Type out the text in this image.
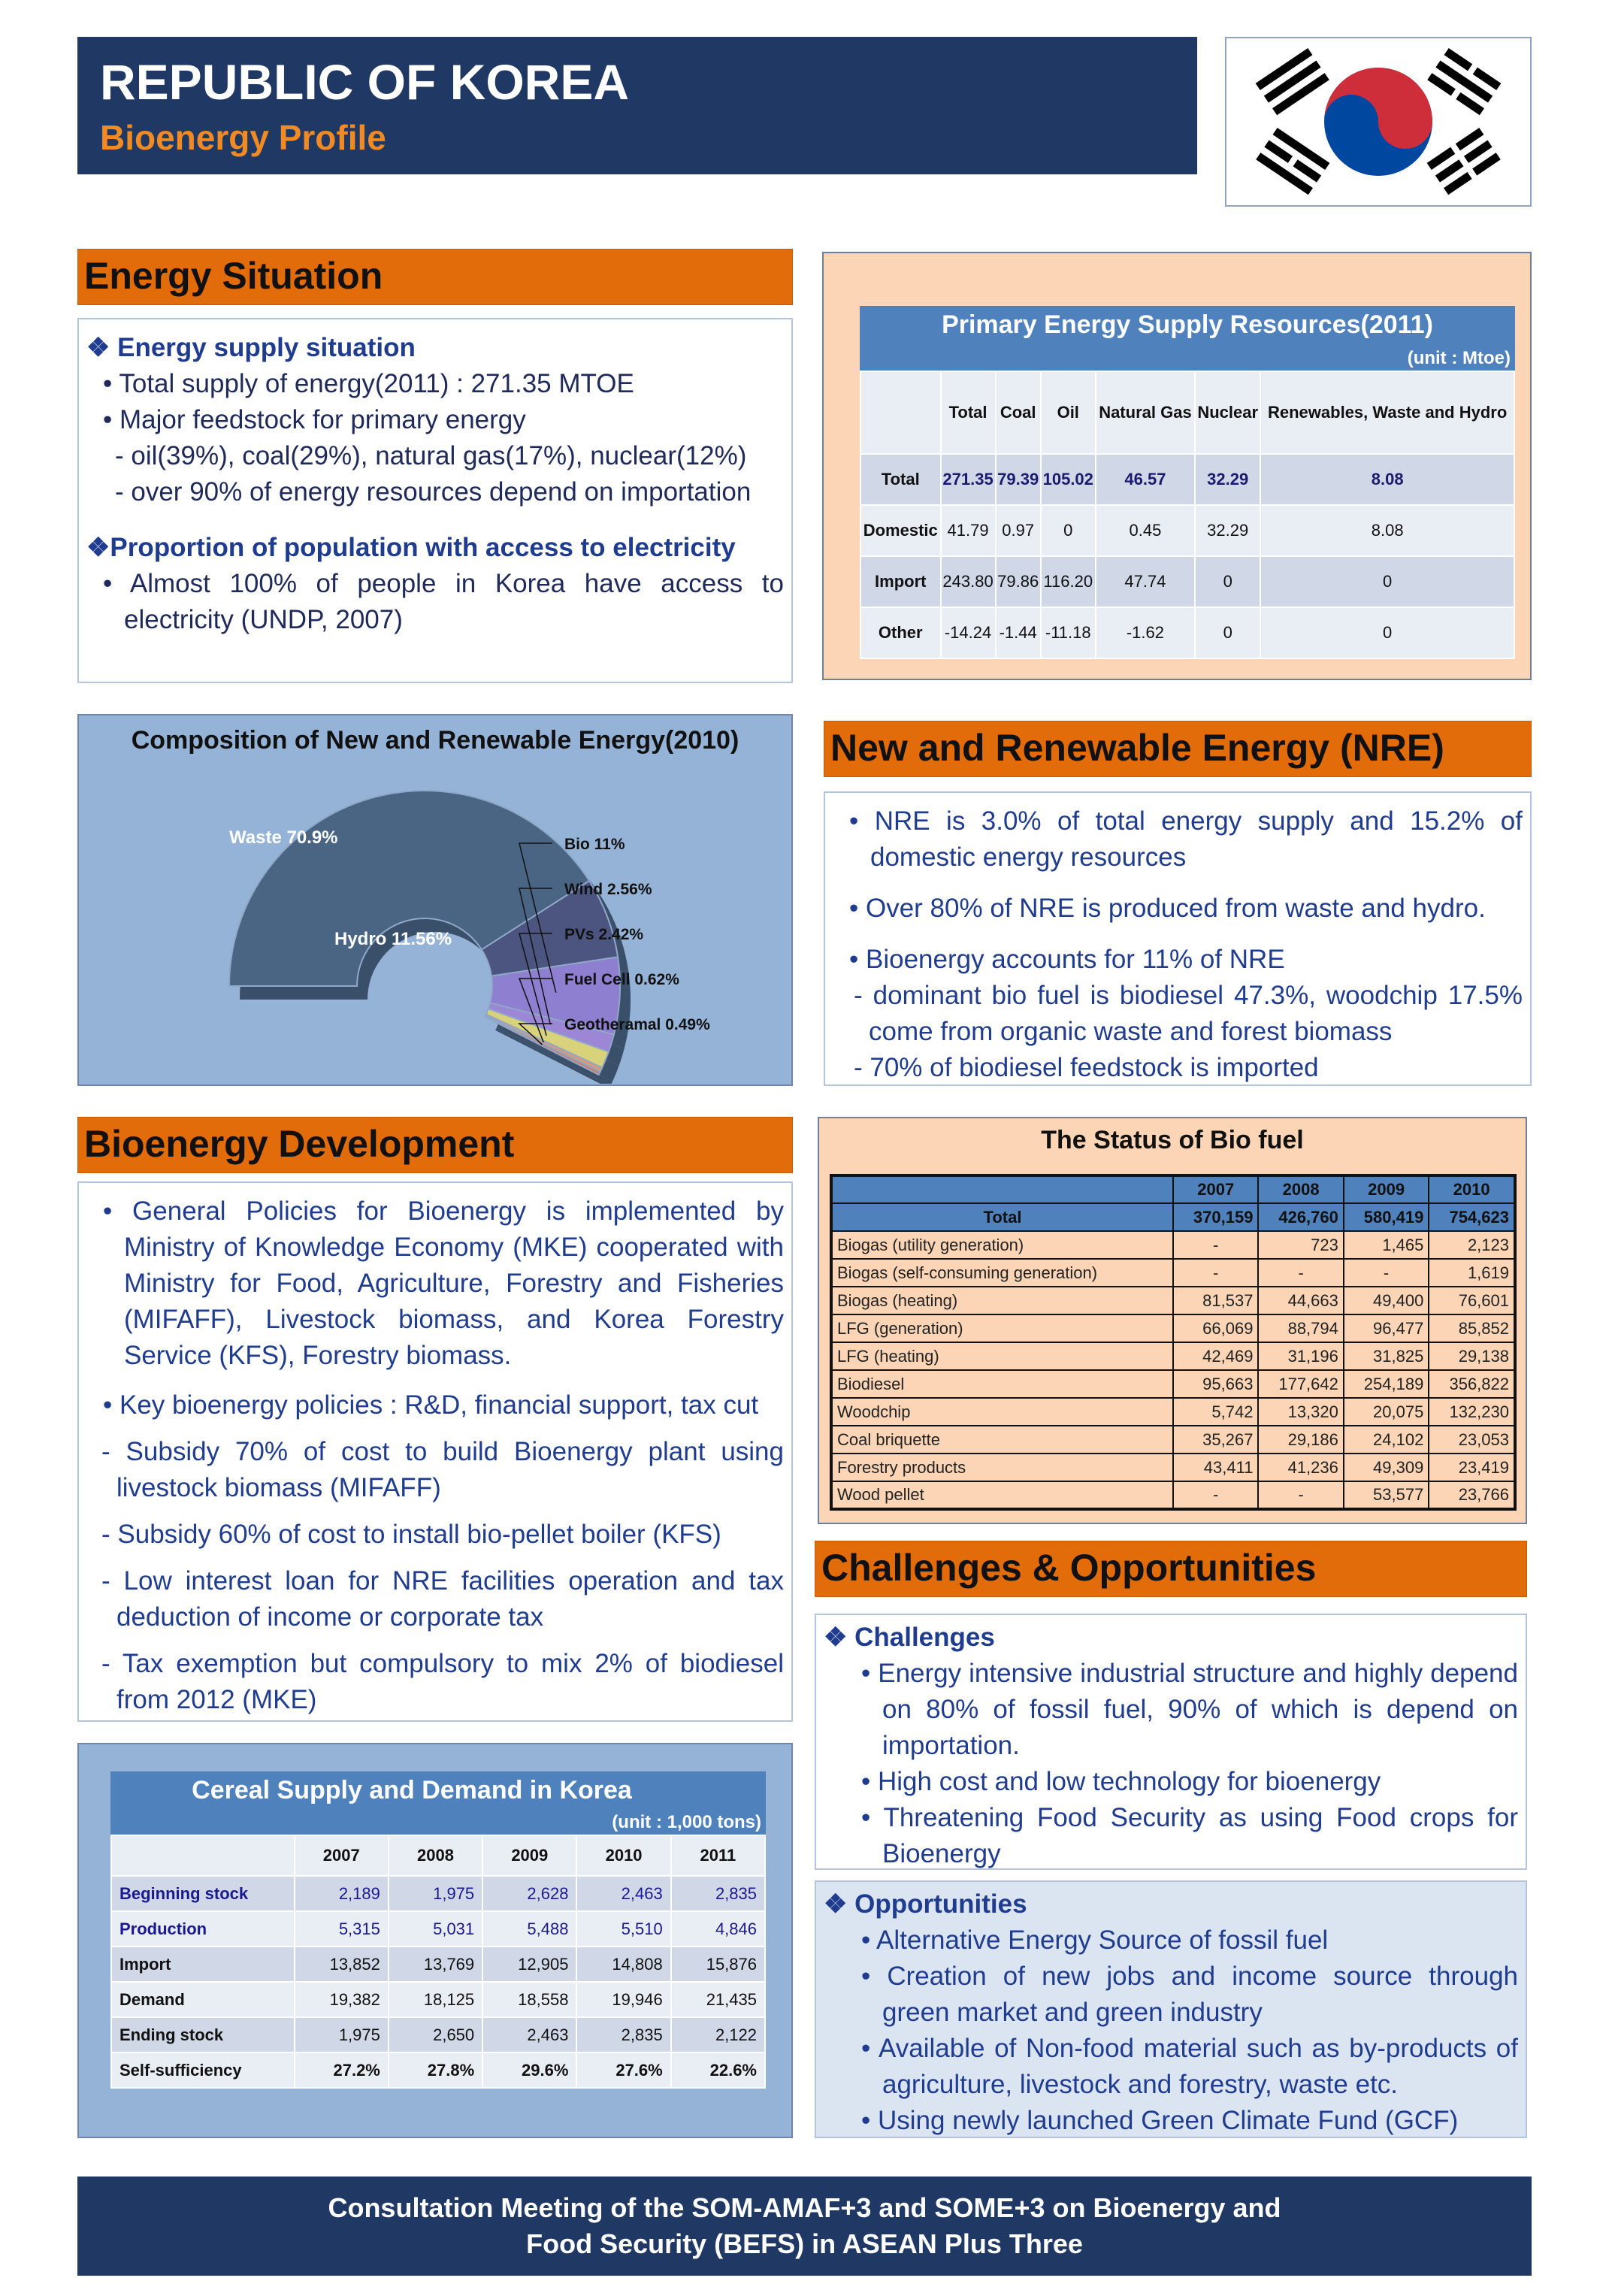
REPUBLIC OF KOREA
Bioenergy Profile
Energy Situation
❖ Energy supply situation
• Total supply of energy(2011) : 271.35 MTOE
• Major feedstock for primary energy
- oil(39%), coal(29%), natural gas(17%), nuclear(12%)
- over 90% of energy resources depend on importation
❖Proportion of population with access to electricity

• Almost 100% of people in Korea have access to electricity (UNDP, 2007)

Primary Energy Supply Resources(2011)
(unit : Mtoe)
	Total	Coal	Oil	Natural Gas	Nuclear	Renewables, Waste and Hydro
Total	271.35	79.39	105.02	46.57	32.29	8.08
Domestic	41.79	0.97	0	0.45	32.29	8.08
Import	243.80	79.86	116.20	47.74	0	0
Other	-14.24	-1.44	-11.18	-1.62	0	0
Composition of New and Renewable Energy(2010)
Waste 70.9%
Hydro 11.56%
Bio 11%
Wind 2.56%
PVs 2.42%
Fuel Cell 0.62%
Geotheramal 0.49%
New and Renewable Energy (NRE)

• NRE is 3.0% of total energy supply and 15.2% of domestic energy resources

• Over 80% of NRE is produced from waste and hydro.

• Bioenergy accounts for 11% of NRE

- dominant bio fuel is biodiesel 47.3%, woodchip 17.5% come from organic waste and forest biomass

- 70% of biodiesel feedstock is imported

Bioenergy Development

• General Policies for Bioenergy is implemented by Ministry of Knowledge Economy (MKE) cooperated with Ministry for Food, Agriculture, Forestry and Fisheries (MIFAFF), Livestock biomass, and Korea Forestry Service (KFS), Forestry biomass.

• Key bioenergy policies : R&D, financial support, tax cut

- Subsidy 70% of cost to build Bioenergy plant using livestock biomass (MIFAFF)

- Subsidy 60% of cost to install bio-pellet boiler (KFS)

- Low interest loan for NRE facilities operation and tax deduction of income or corporate tax

- Tax exemption but compulsory to mix 2% of biodiesel from 2012 (MKE)

The Status of Bio fuel
	2007	2008	2009	2010
Total	370,159	426,760	580,419	754,623
Biogas (utility generation)	-	723	1,465	2,123
Biogas (self-consuming generation)	-	-	-	1,619
Biogas (heating)	81,537	44,663	49,400	76,601
LFG (generation)	66,069	88,794	96,477	85,852
LFG (heating)	42,469	31,196	31,825	29,138
Biodiesel	95,663	177,642	254,189	356,822
Woodchip	5,742	13,320	20,075	132,230
Coal briquette	35,267	29,186	24,102	23,053
Forestry products	43,411	41,236	49,309	23,419
Wood pellet	-	-	53,577	23,766
Challenges & Opportunities
❖ Challenges

• Energy intensive industrial structure and highly depend on 80% of fossil fuel, 90% of which is depend on importation.

• High cost and low technology for bioenergy

• Threatening Food Security as using Food crops for Bioenergy

❖ Opportunities

• Alternative Energy Source of fossil fuel

• Creation of new jobs and income source through green market and green industry

• Available of Non-food material such as by-products of agriculture, livestock and forestry, waste etc.

• Using newly launched Green Climate Fund (GCF)

Cereal Supply and Demand in Korea
(unit : 1,000 tons)
	2007	2008	2009	2010	2011
Beginning stock	2,189	1,975	2,628	2,463	2,835
Production	5,315	5,031	5,488	5,510	4,846
Import	13,852	13,769	12,905	14,808	15,876
Demand	19,382	18,125	18,558	19,946	21,435
Ending stock	1,975	2,650	2,463	2,835	2,122
Self-sufficiency	27.2%	27.8%	29.6%	27.6%	22.6%
Consultation Meeting of the SOM-AMAF+3 and SOME+3 on Bioenergy and
Food Security (BEFS) in ASEAN Plus Three
